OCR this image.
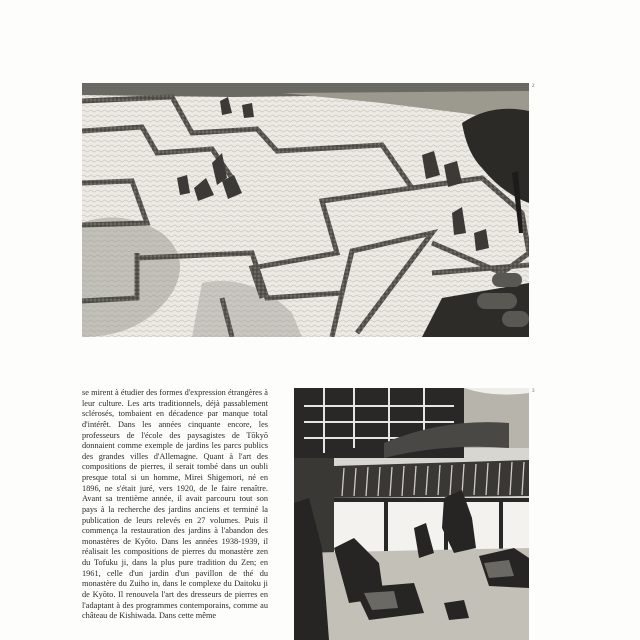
2

se mirent à étudier des formes d'expression étrangères à leur culture. Les arts traditionnels, déjà passablement sclérosés, tombaient en décadence par manque total d'intérêt. Dans les années cinquante encore, les professeurs de l'école des paysagistes de Tōkyō donnaient comme exemple de jardins les parcs publics des grandes villes d'Allemagne. Quant à l'art des compositions de pierres, il serait tombé dans un oubli presque total si un homme, Mirei Shigemori, né en 1896, ne s'était juré, vers 1920, de le faire renaître. Avant sa trentième année, il avait parcouru tout son pays à la recherche des jardins anciens et terminé la publication de leurs relevés en 27 volumes. Puis il commença la restauration des jardins à l'abandon des monastères de Kyōto. Dans les années 1938-1939, il réalisait les compositions de pierres du monastère zen du Tofuku ji, dans la plus pure tradition du Zen; en 1961, celle d'un jardin d'un pavillon de thé du monastère du Zuiho in, dans le complexe du Daitoku ji de Kyōto. Il renouvela l'art des dresseurs de pierres en l'adaptant à des programmes contemporains, comme au château de Kishiwada. Dans cette même

3
